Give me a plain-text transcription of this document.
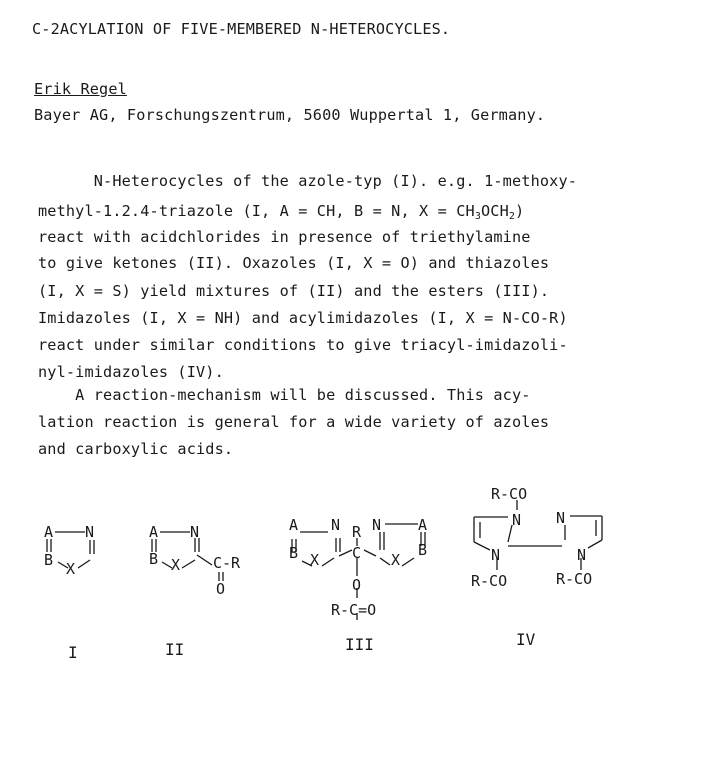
C-2ACYLATION OF FIVE-MEMBERED N-HETEROCYCLES.
Erik Regel
Bayer AG, Forschungszentrum, 5600 Wuppertal 1, Germany.
N-Heterocycles of the azole-typ (I). e.g. 1-methoxy-
methyl-1.2.4-triazole (I, A = CH, B = N, $X = CH_3OCH_2$)
react with acidchlorides in presence of triethylamine
to give ketones (II). Oxazoles (I, X = O) and thiazoles
(I, X = S) yield mixtures of (II) and the esters (III).
Imidazoles (I, X = NH) and acylimidazoles (I, X = N-CO-R)
react under similar conditions to give triacyl-imidazoli-
nyl-imidazoles (IV).
A reaction-mechanism will be discussed. This acy-
lation reaction is general for a wide variety of azoles
and carboxylic acids.
A N
B X
A N
B X C-R
O
A N
B X
R
C
N A
X
B
O
R-C=O
R-CO
N N
N	N
R-CO	R-CO
I	II	III	IV
